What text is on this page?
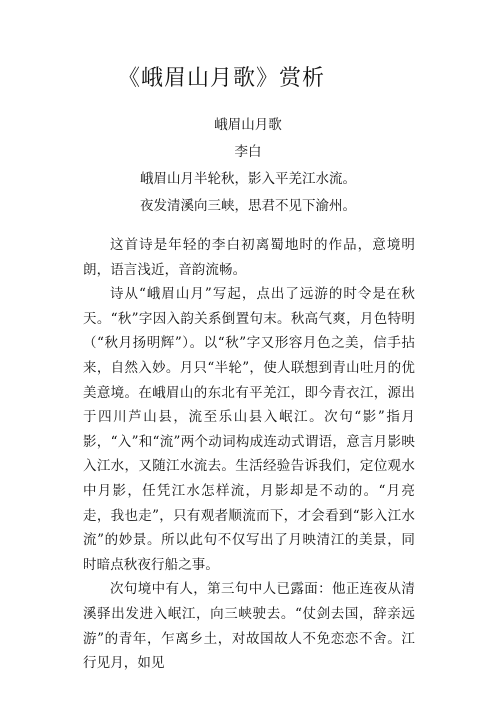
《峨眉山月歌》赏析
峨眉山月歌
李白
峨眉山月半轮秋，影入平羌江水流。
夜发清溪向三峡，思君不见下渝州。

这首诗是年轻的李白初离蜀地时的作品，意境明朗，语言浅近，音韵流畅。

诗从“峨眉山月”写起，点出了远游的时令是在秋天。“秋”字因入韵关系倒置句末。秋高气爽，月色特明（“秋月扬明辉”）。以“秋”字又形容月色之美，信手拈来，自然入妙。月只“半轮”，使人联想到青山吐月的优美意境。在峨眉山的东北有平羌江，即今青衣江，源出于四川芦山县，流至乐山县入岷江。次句“影”指月影，“入”和“流”两个动词构成连动式谓语，意言月影映入江水，又随江水流去。生活经验告诉我们，定位观水中月影，任凭江水怎样流，月影却是不动的。“月亮走，我也走”，只有观者顺流而下，才会看到“影入江水流”的妙景。所以此句不仅写出了月映清江的美景，同时暗点秋夜行船之事。

次句境中有人，第三句中人已露面：他正连夜从清溪驿出发进入岷江，向三峡驶去。“仗剑去国，辞亲远游”的青年，乍离乡土，对故国故人不免恋恋不舍。江行见月，如见
